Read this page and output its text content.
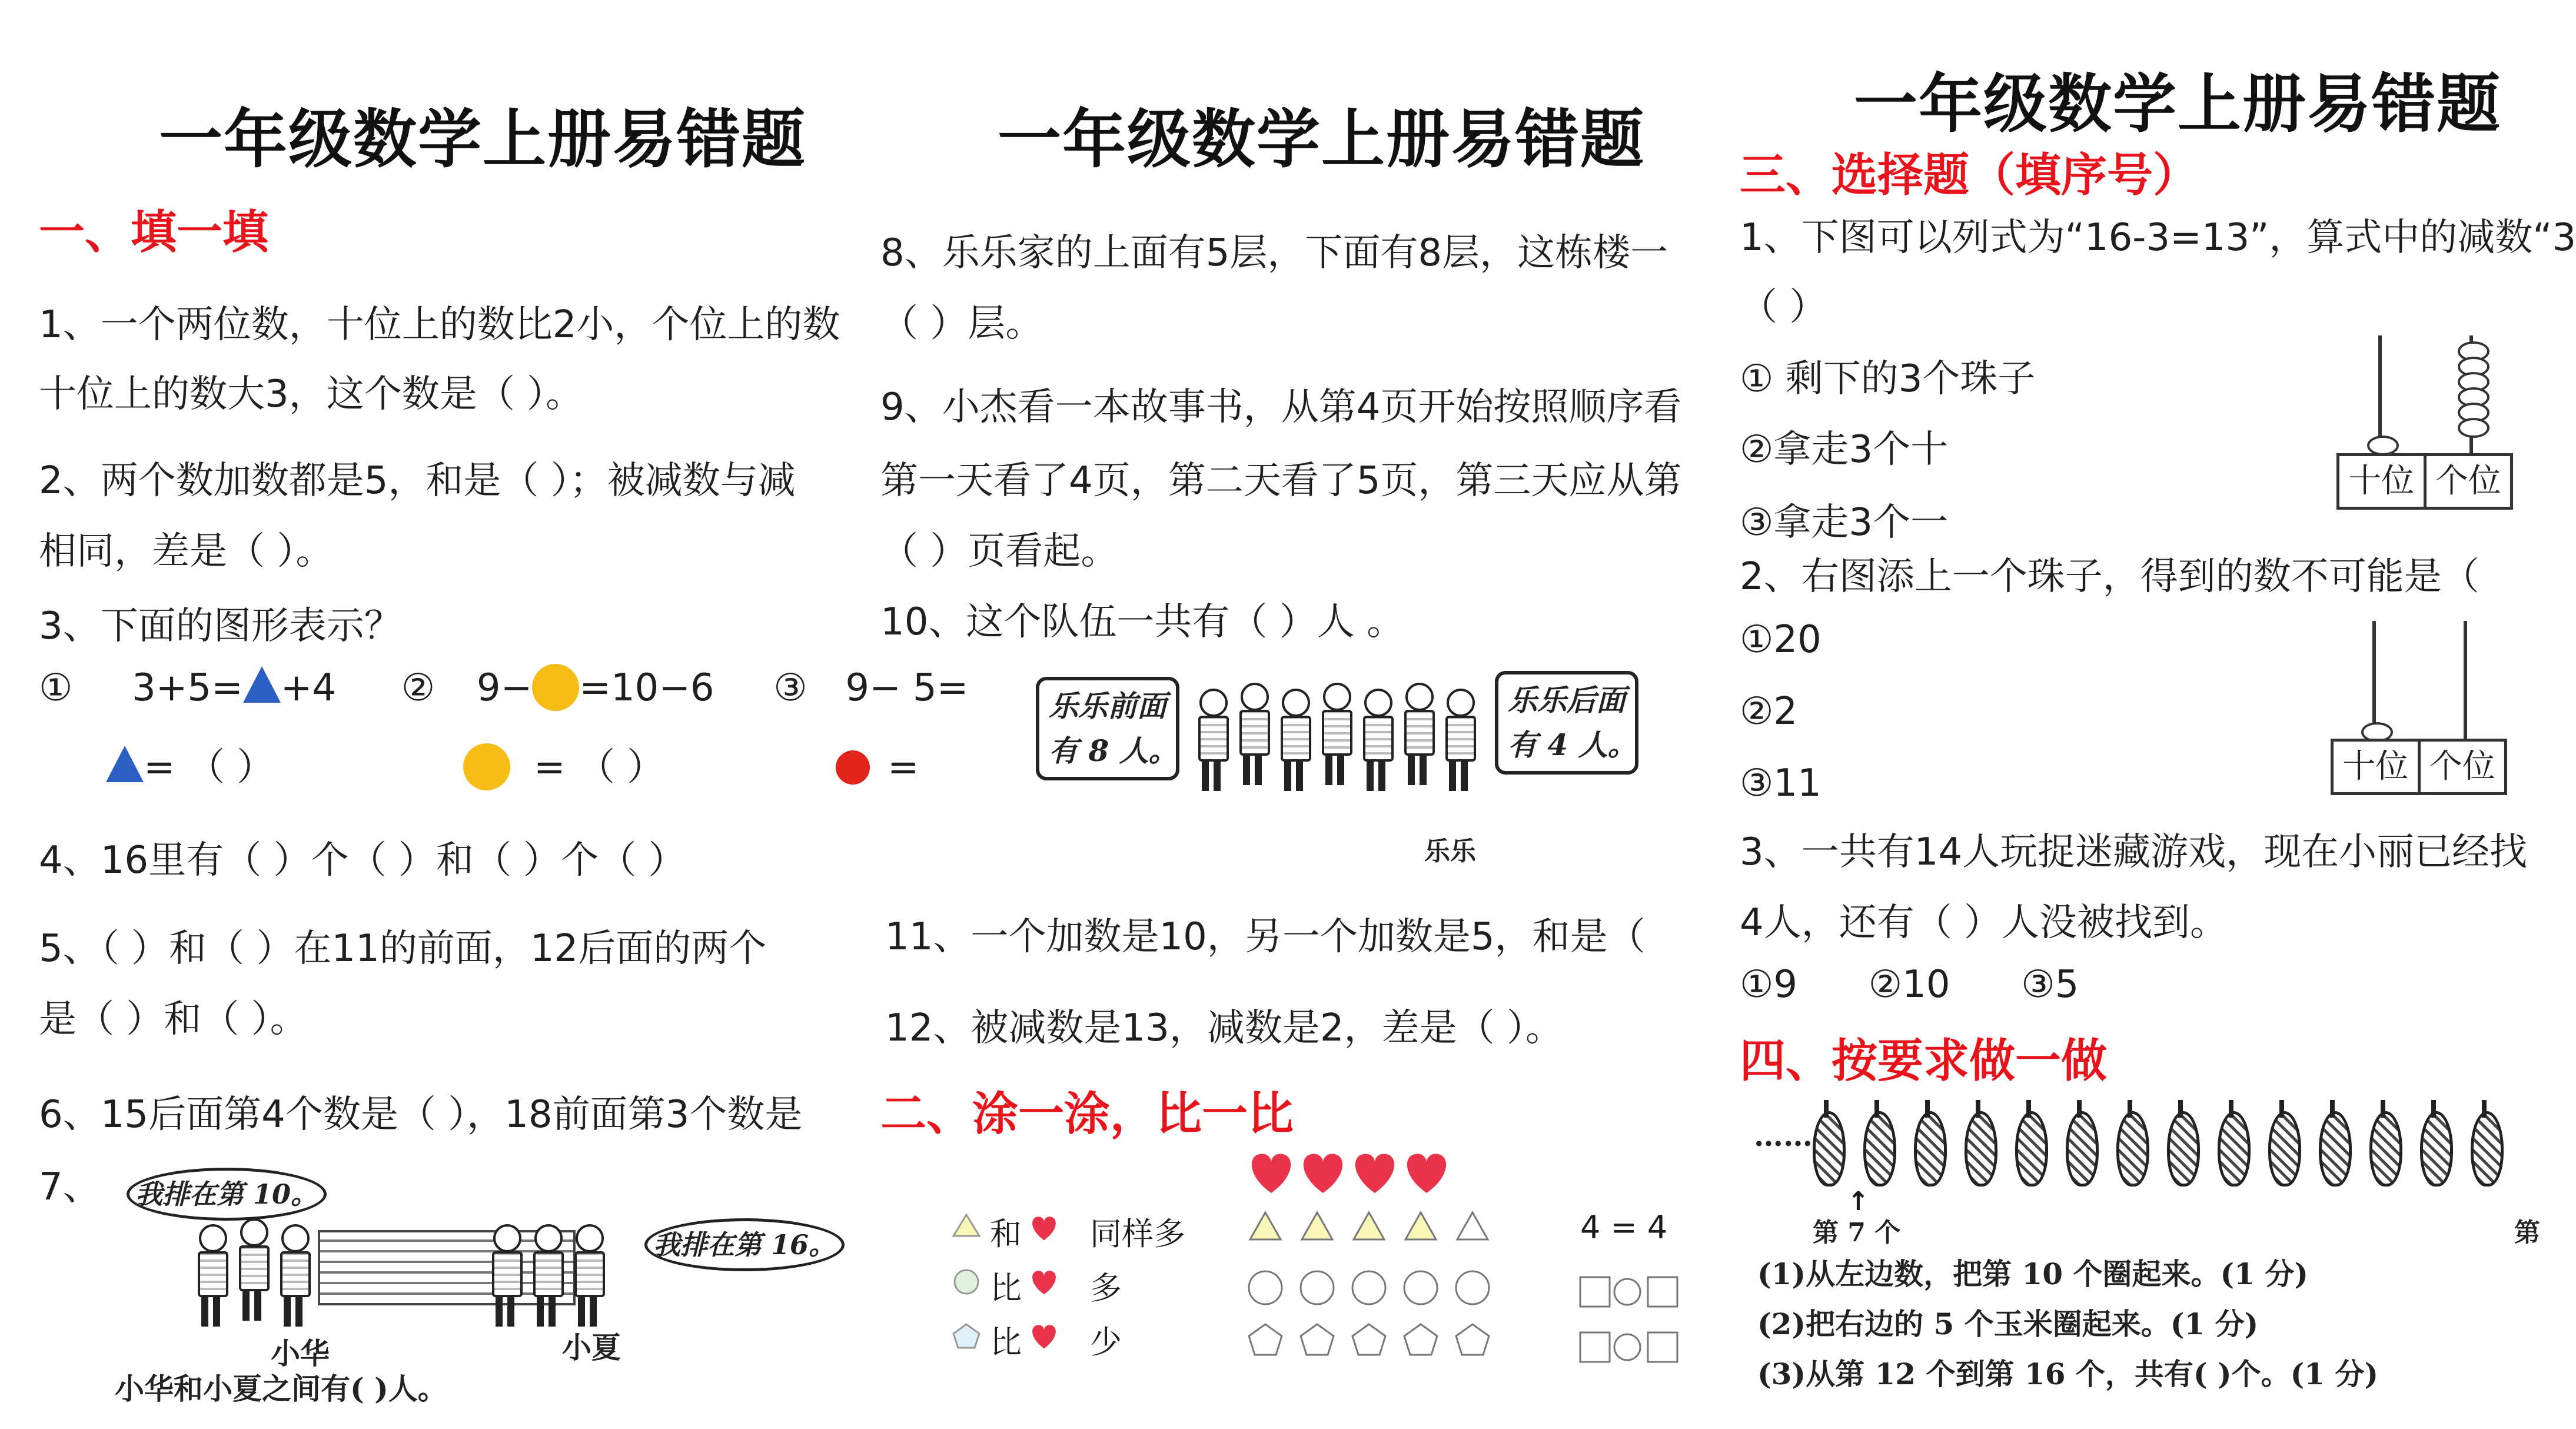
一年级数学上册易错题
一、填一填
1、一个两位数，十位上的数比2小，个位上的数
十位上的数大3，这个数是（ ）。
2、两个数加数都是5，和是（ ）；被减数与减
相同，差是（ ）。
3、下面的图形表示？
① 3+5= +4 ② 9− =10−6 ③ 9− 5=
= （ ）	= （ ）	=
4、16里有（ ）个（ ）和（ ）个（ ）
5、（ ）和（ ）在11的前面，12后面的两个
是（ ）和（ ）。
6、15后面第4个数是（ ），18前面第3个数是
7、	我排在第 10。
我排在第 16。
小华	小夏
小华和小夏之间有( )人。
一年级数学上册易错题
8、乐乐家的上面有5层，下面有8层，这栋楼一
（ ）层。
9、小杰看一本故事书，从第4页开始按照顺序看
第一天看了4页，第二天看了5页，第三天应从第
（ ）页看起。
10、这个队伍一共有（ ）人 。
乐乐前面
有 8 人。
乐乐后面
有 4 人。
乐乐
11、一个加数是10，另一个加数是5，和是（
12、被减数是13，减数是2，差是（ ）。
二、涂一涂，比一比
和 同样多
比 多
比 少
4 = 4
一年级数学上册易错题
三、选择题（填序号）
1、下图可以列式为“16-3=13”，算式中的减数“3
（ ）
① 剩下的3个珠子
②拿走3个十
③拿走3个一
十位 个位
2、右图添上一个珠子，得到的数不可能是（
①20
②2
③11	十位 个位
3、一共有14人玩捉迷藏游戏，现在小丽已经找
4人，还有（ ）人没被找到。
①9 ②10 ③5
四、按要求做一做
……
↑
第 7 个	第
(1)从左边数，把第 10 个圈起来。(1 分)
(2)把右边的 5 个玉米圈起来。(1 分)
(3)从第 12 个到第 16 个，共有( )个。(1 分)
